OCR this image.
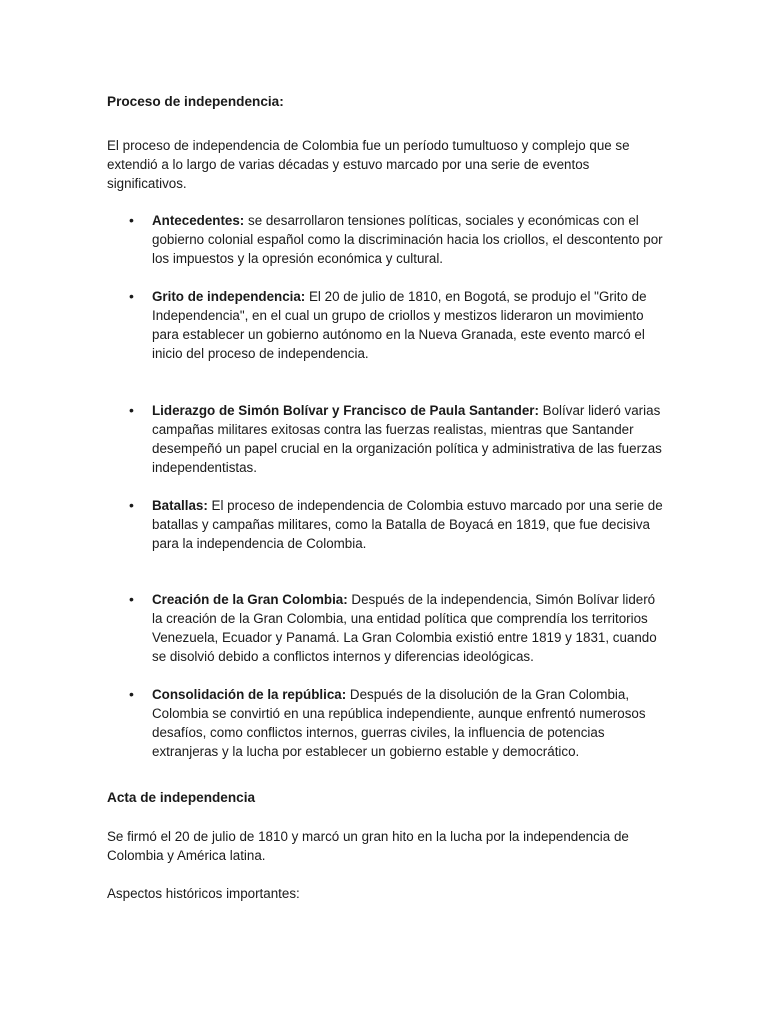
Proceso de independencia:

El proceso de independencia de Colombia fue un período tumultuoso y complejo que se extendió a lo largo de varias décadas y estuvo marcado por una serie de eventos significativos.

• Antecedentes: se desarrollaron tensiones políticas, sociales y económicas con el gobierno colonial español como la discriminación hacia los criollos, el descontento por los impuestos y la opresión económica y cultural.
• Grito de independencia: El 20 de julio de 1810, en Bogotá, se produjo el "Grito de Independencia", en el cual un grupo de criollos y mestizos lideraron un movimiento para establecer un gobierno autónomo en la Nueva Granada, este evento marcó el inicio del proceso de independencia.
• Liderazgo de Simón Bolívar y Francisco de Paula Santander: Bolívar lideró varias campañas militares exitosas contra las fuerzas realistas, mientras que Santander desempeñó un papel crucial en la organización política y administrativa de las fuerzas independentistas.
• Batallas: El proceso de independencia de Colombia estuvo marcado por una serie de batallas y campañas militares, como la Batalla de Boyacá en 1819, que fue decisiva para la independencia de Colombia.
• Creación de la Gran Colombia: Después de la independencia, Simón Bolívar lideró la creación de la Gran Colombia, una entidad política que comprendía los territorios Venezuela, Ecuador y Panamá. La Gran Colombia existió entre 1819 y 1831, cuando se disolvió debido a conflictos internos y diferencias ideológicas.
• Consolidación de la república: Después de la disolución de la Gran Colombia, Colombia se convirtió en una república independiente, aunque enfrentó numerosos desafíos, como conflictos internos, guerras civiles, la influencia de potencias extranjeras y la lucha por establecer un gobierno estable y democrático.

Acta de independencia

Se firmó el 20 de julio de 1810 y marcó un gran hito en la lucha por la independencia de Colombia y América latina.

Aspectos históricos importantes:
